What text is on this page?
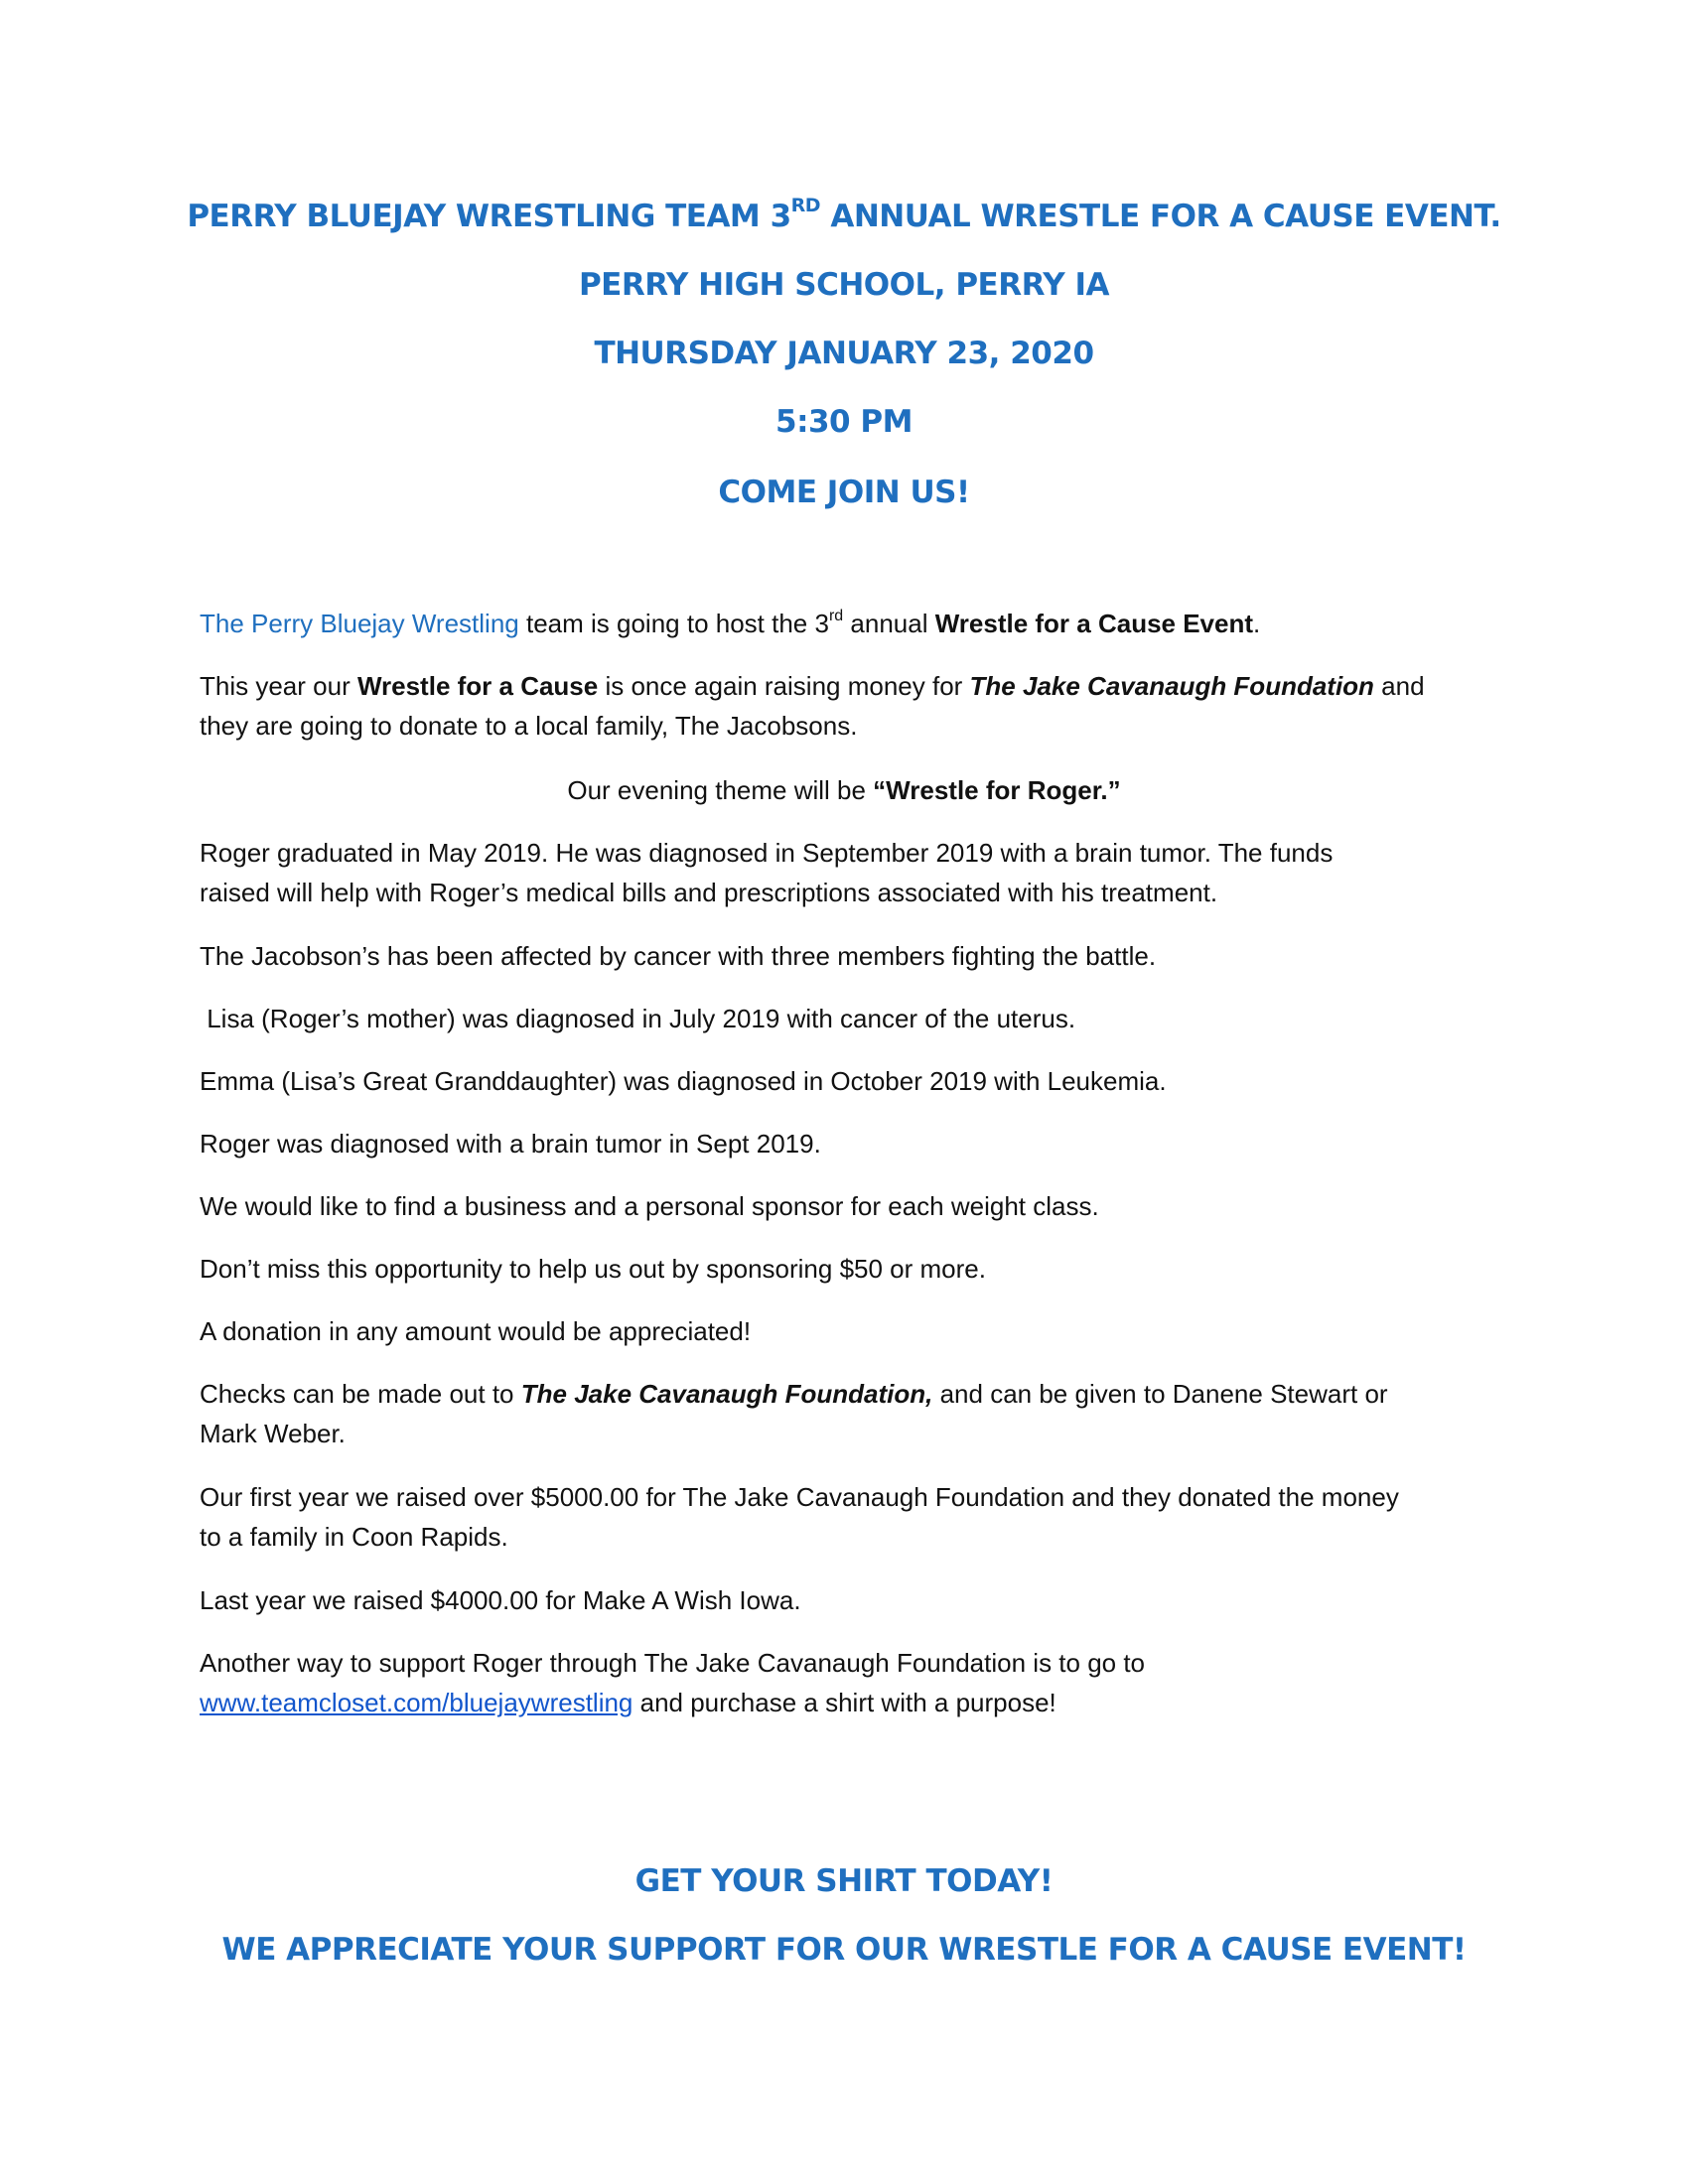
PERRY BLUEJAY WRESTLING TEAM 3RD ANNUAL WRESTLE FOR A CAUSE EVENT.
PERRY HIGH SCHOOL, PERRY IA
THURSDAY JANUARY 23, 2020
5:30 PM
COME JOIN US!
The Perry Bluejay Wrestling team is going to host the 3rd annual Wrestle for a Cause Event.
This year our Wrestle for a Cause is once again raising money for The Jake Cavanaugh Foundation and
they are going to donate to a local family, The Jacobsons.
Our evening theme will be “Wrestle for Roger.”
Roger graduated in May 2019. He was diagnosed in September 2019 with a brain tumor. The funds
raised will help with Roger’s medical bills and prescriptions associated with his treatment.
The Jacobson’s has been affected by cancer with three members fighting the battle.
Lisa (Roger’s mother) was diagnosed in July 2019 with cancer of the uterus.
Emma (Lisa’s Great Granddaughter) was diagnosed in October 2019 with Leukemia.
Roger was diagnosed with a brain tumor in Sept 2019.
We would like to find a business and a personal sponsor for each weight class.
Don’t miss this opportunity to help us out by sponsoring $50 or more.
A donation in any amount would be appreciated!
Checks can be made out to The Jake Cavanaugh Foundation, and can be given to Danene Stewart or
Mark Weber.
Our first year we raised over $5000.00 for The Jake Cavanaugh Foundation and they donated the money
to a family in Coon Rapids.
Last year we raised $4000.00 for Make A Wish Iowa.
Another way to support Roger through The Jake Cavanaugh Foundation is to go to
www.teamcloset.com/bluejaywrestling and purchase a shirt with a purpose!
GET YOUR SHIRT TODAY!
WE APPRECIATE YOUR SUPPORT FOR OUR WRESTLE FOR A CAUSE EVENT!
